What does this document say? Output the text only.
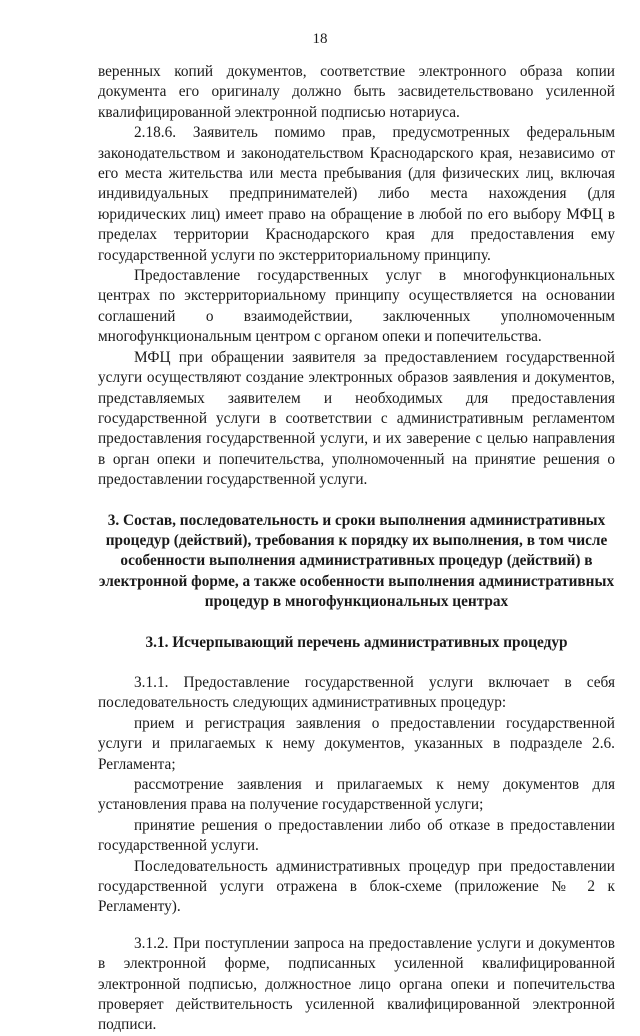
18

веренных копий документов, соответствие электронного образа копии документа его оригиналу должно быть засвидетельствовано усиленной квалифицированной электронной подписью нотариуса.

2.18.6. Заявитель помимо прав, предусмотренных федеральным законодательством и законодательством Краснодарского края, независимо от его места жительства или места пребывания (для физических лиц, включая индивидуальных предпринимателей) либо места нахождения (для юридических лиц) имеет право на обращение в любой по его выбору МФЦ в пределах территории Краснодарского края для предоставления ему государственной услуги по экстерриториальному принципу.

Предоставление государственных услуг в многофункциональных центрах по экстерриториальному принципу осуществляется на основании соглашений о взаимодействии, заключенных уполномоченным многофункциональным центром с органом опеки и попечительства.

МФЦ при обращении заявителя за предоставлением государственной услуги осуществляют создание электронных образов заявления и документов, представляемых заявителем и необходимых для предоставления государственной услуги в соответствии с административным регламентом предоставления государственной услуги, и их заверение с целью направления в орган опеки и попечительства, уполномоченный на принятие решения о предоставлении государственной услуги.

3. Состав, последовательность и сроки выполнения административных процедур (действий), требования к порядку их выполнения, в том числе особенности выполнения административных процедур (действий) в электронной форме, а также особенности выполнения административных процедур в многофункциональных центрах
3.1. Исчерпывающий перечень административных процедур

3.1.1. Предоставление государственной услуги включает в себя последовательность следующих административных процедур:

прием и регистрация заявления о предоставлении государственной услуги и прилагаемых к нему документов, указанных в подразделе 2.6. Регламента;

рассмотрение заявления и прилагаемых к нему документов для установления права на получение государственной услуги;

принятие решения о предоставлении либо об отказе в предоставлении государственной услуги.

Последовательность административных процедур при предоставлении государственной услуги отражена в блок-схеме (приложение № 2 к Регламенту).

3.1.2. При поступлении запроса на предоставление услуги и документов в электронной форме, подписанных усиленной квалифицированной электронной подписью, должностное лицо органа опеки и попечительства проверяет действительность усиленной квалифицированной электронной подписи.
